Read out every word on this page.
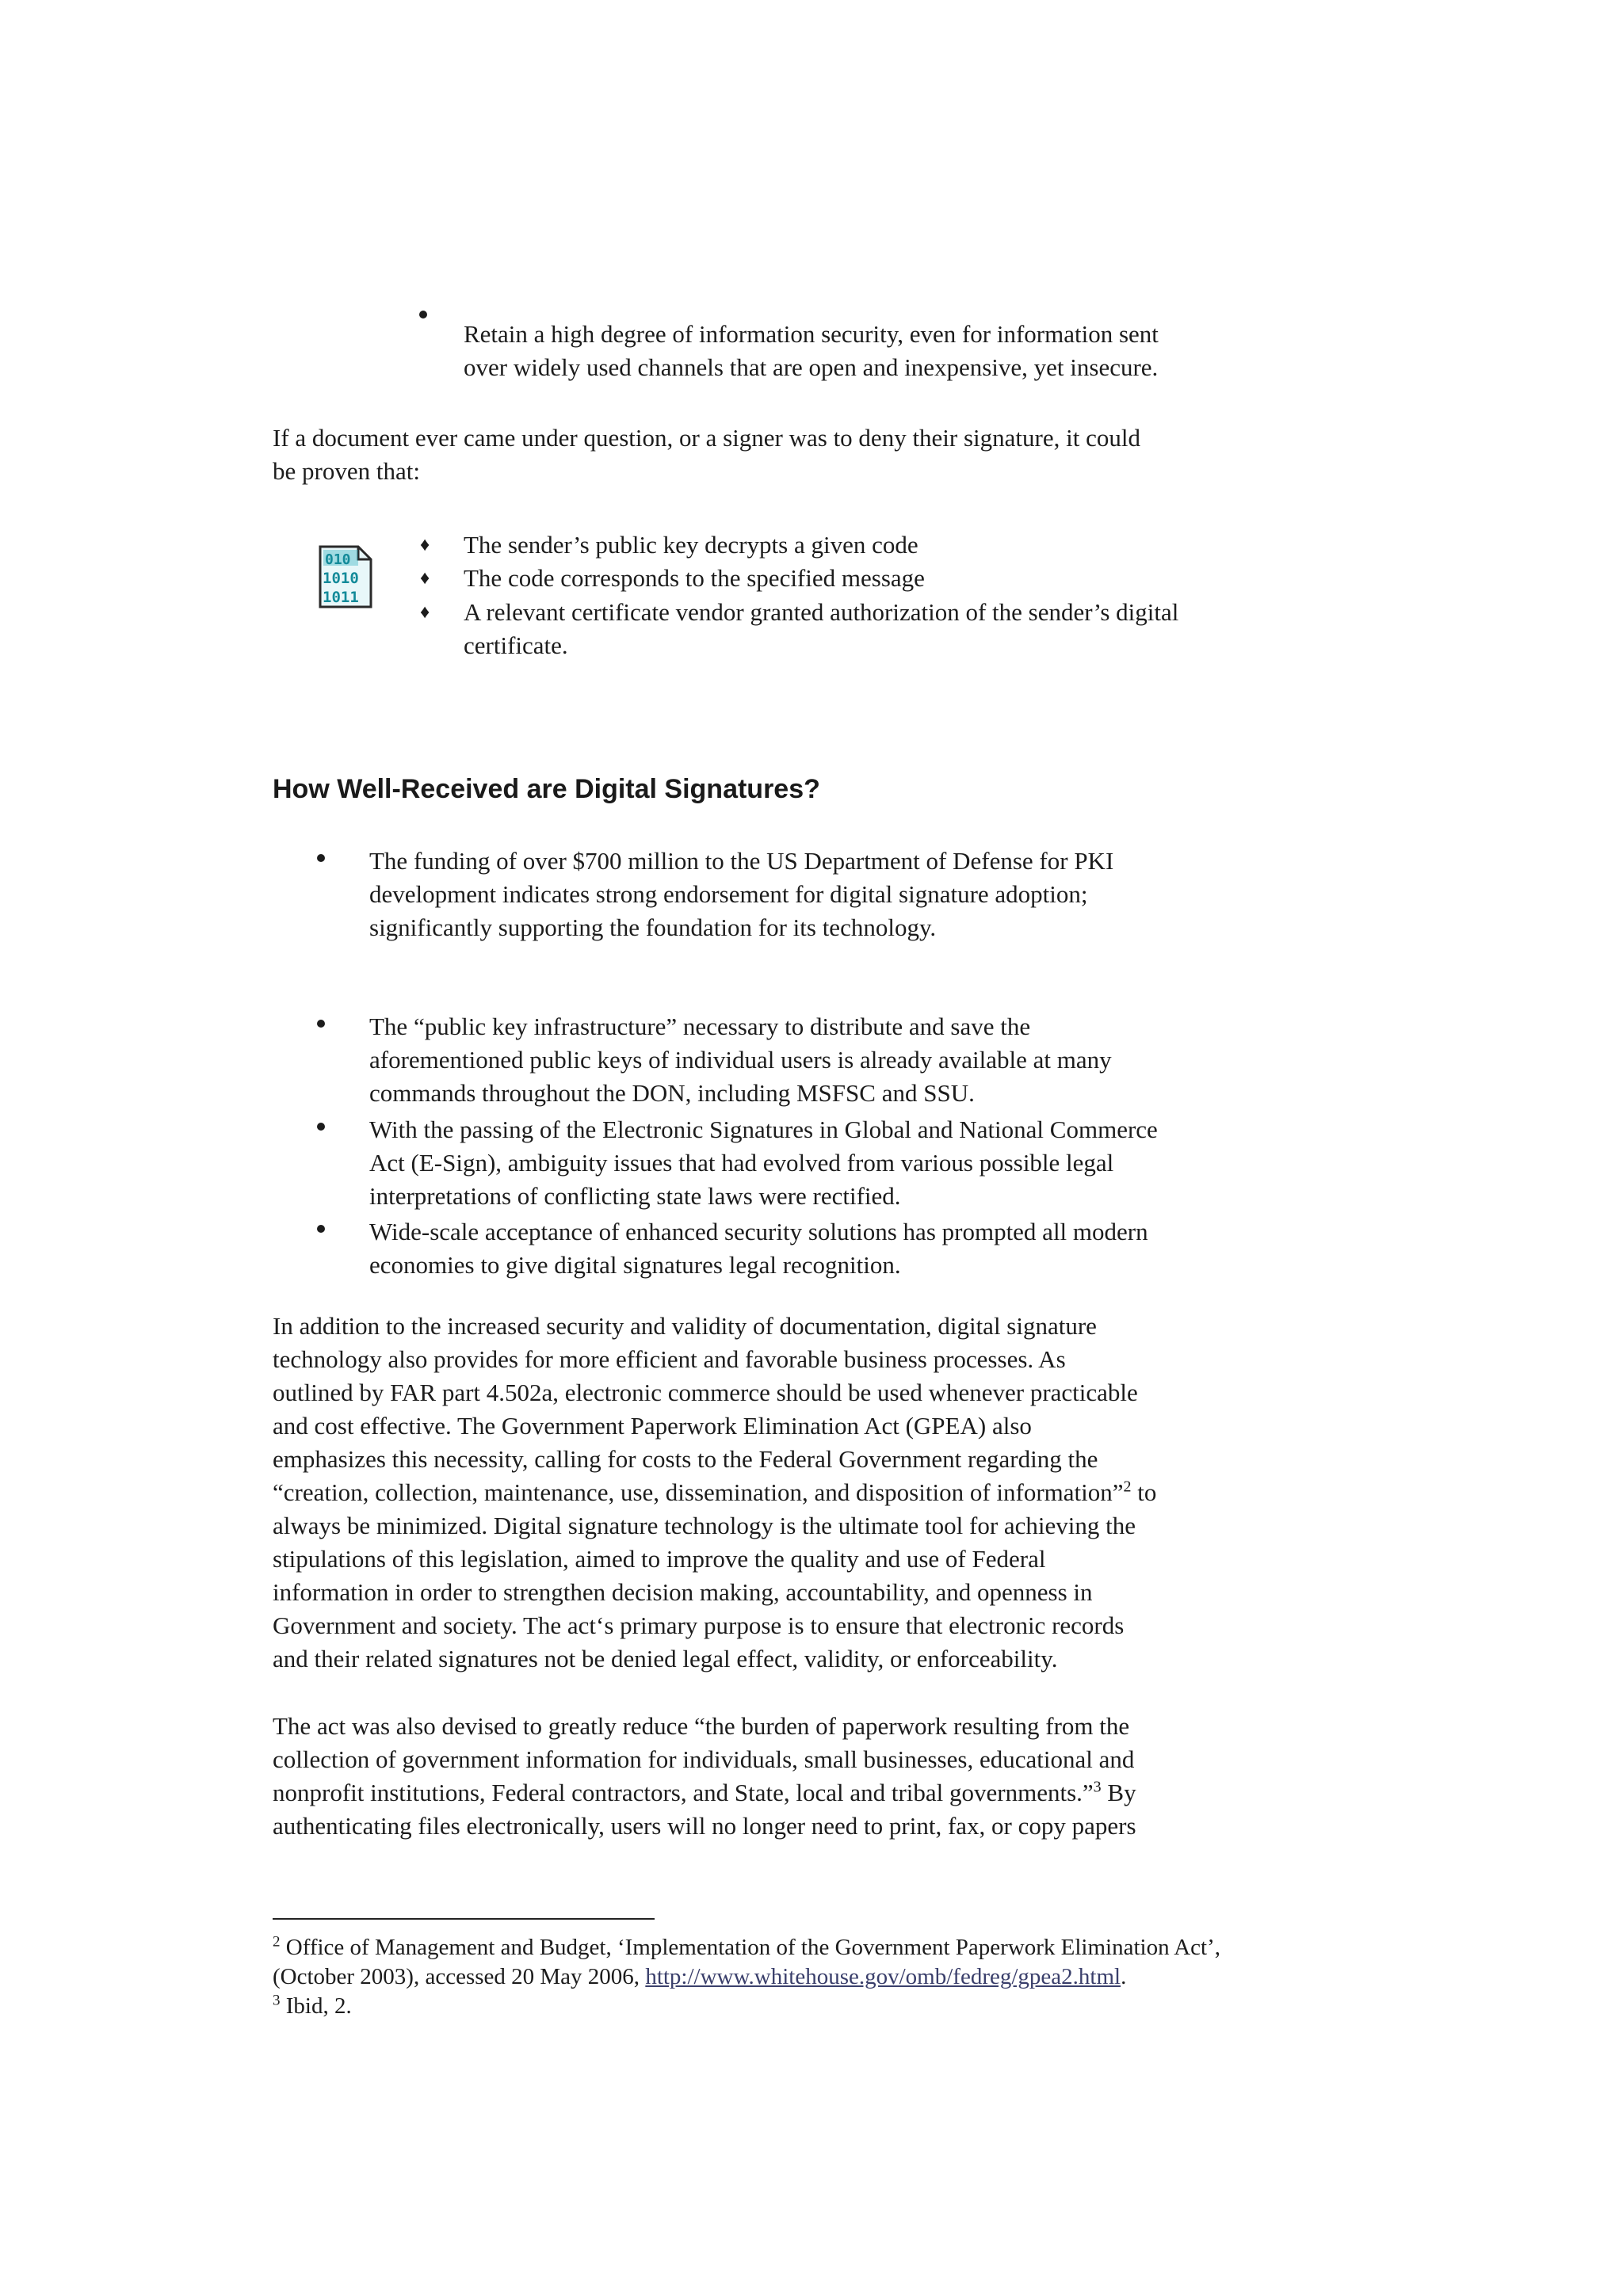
Retain a high degree of information security, even for information sent

over widely used channels that are open and inexpensive, yet insecure.

If a document ever came under question, or a signer was to deny their signature, it could

be proven that:

010
1010
1011
♦ The sender’s public key decrypts a given code

♦ The code corresponds to the specified message

♦ A relevant certificate vendor granted authorization of the sender’s digital

certificate.

How Well-Received are Digital Signatures?

The funding of over $700 million to the US Department of Defense for PKI

development indicates strong endorsement for digital signature adoption;

significantly supporting the foundation for its technology.

The “public key infrastructure” necessary to distribute and save the

aforementioned public keys of individual users is already available at many

commands throughout the DON, including MSFSC and SSU.

With the passing of the Electronic Signatures in Global and National Commerce

Act (E-Sign), ambiguity issues that had evolved from various possible legal

interpretations of conflicting state laws were rectified.

Wide-scale acceptance of enhanced security solutions has prompted all modern

economies to give digital signatures legal recognition.

In addition to the increased security and validity of documentation, digital signature

technology also provides for more efficient and favorable business processes. As

outlined by FAR part 4.502a, electronic commerce should be used whenever practicable

and cost effective. The Government Paperwork Elimination Act (GPEA) also

emphasizes this necessity, calling for costs to the Federal Government regarding the

“creation, collection, maintenance, use, dissemination, and disposition of information”$^2$ to

always be minimized. Digital signature technology is the ultimate tool for achieving the

stipulations of this legislation, aimed to improve the quality and use of Federal

information in order to strengthen decision making, accountability, and openness in

Government and society. The act‘s primary purpose is to ensure that electronic records

and their related signatures not be denied legal effect, validity, or enforceability.

The act was also devised to greatly reduce “the burden of paperwork resulting from the

collection of government information for individuals, small businesses, educational and

nonprofit institutions, Federal contractors, and State, local and tribal governments.”$^3$ By

authenticating files electronically, users will no longer need to print, fax, or copy papers

$^2$ Office of Management and Budget, ‘Implementation of the Government Paperwork Elimination Act’,

(October 2003), accessed 20 May 2006, http://www.whitehouse.gov/omb/fedreg/gpea2.html.

$^3$ Ibid, 2.
